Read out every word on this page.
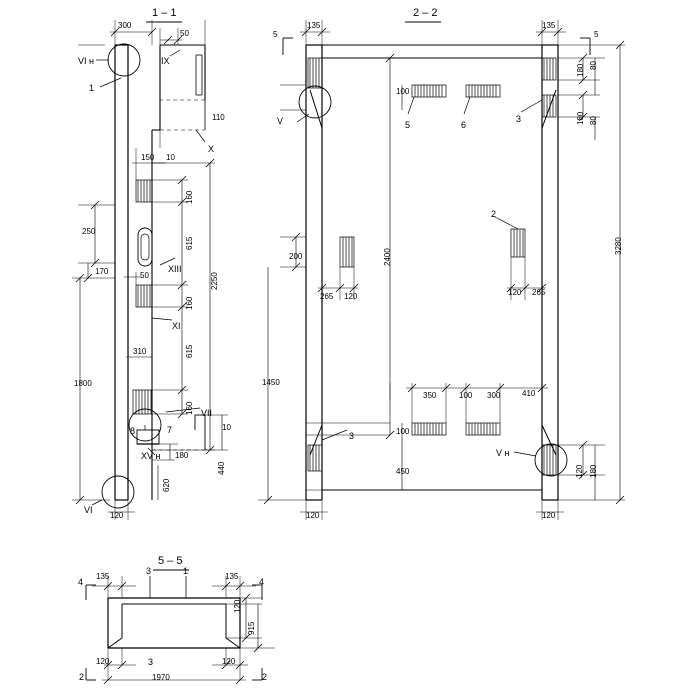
1 – 1	2 – 2
5 – 5
300
50
VI н	IX
1
X
110
150 10
250
170	50
XIII
XI
310
1800
VII
10
8	7
XV н 180
VI
120
5
135	135
5
V
100
5	6
3
200
265 120
2
120 265
1450
350	100 300	410
3	100
450
V н
120	120
4
135
3	1
135
4
120	3	120
1970
2	2
160
615
160
615
160
620
440
2250
2400
3280
180 80
180 80
120 180
120
915
